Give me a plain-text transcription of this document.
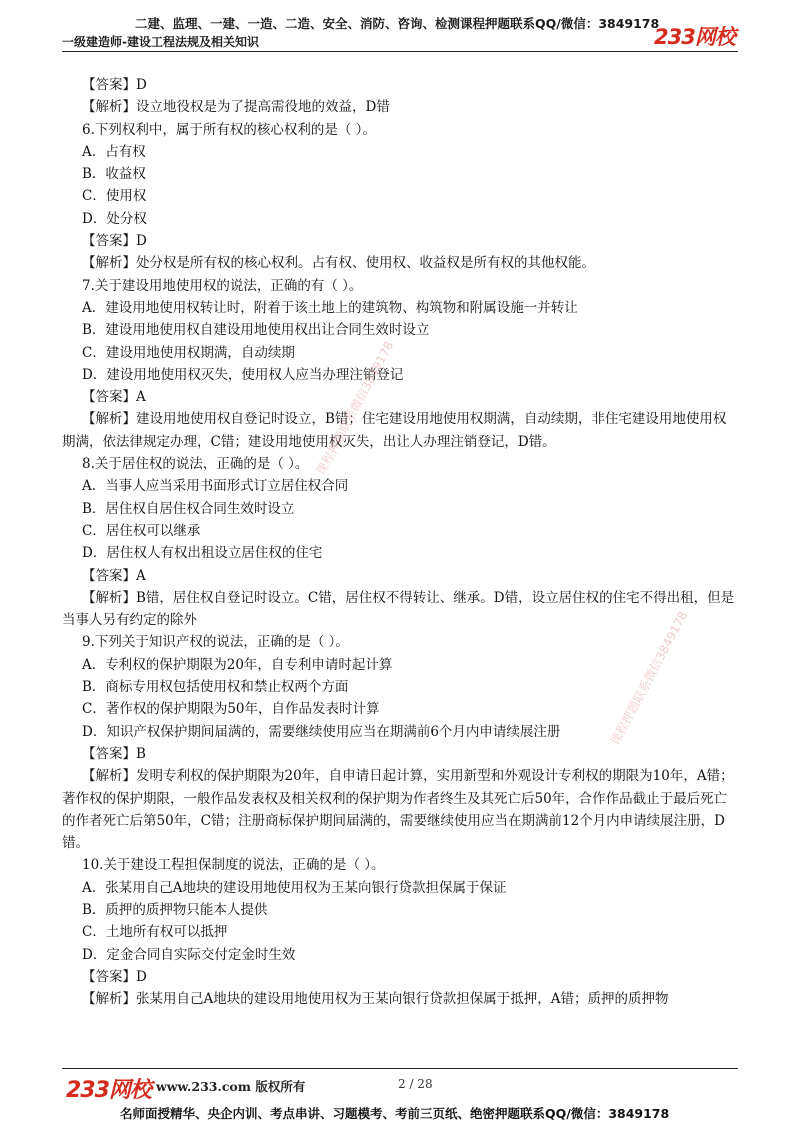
二建、监理、一建、一造、二造、安全、消防、咨询、检测课程押题联系QQ/微信：3849178
一级建造师-建设工程法规及相关知识	233网校

【答案】D

【解析】设立地役权是为了提高需役地的效益，D错

6.下列权利中，属于所有权的核心权利的是（ ）。

A．占有权

B．收益权

C．使用权

D．处分权

【答案】D

【解析】处分权是所有权的核心权利。占有权、使用权、收益权是所有权的其他权能。

7.关于建设用地使用权的说法，正确的有（ ）。

A．建设用地使用权转让时，附着于该土地上的建筑物、构筑物和附属设施一并转让

B．建设用地使用权自建设用地使用权出让合同生效时设立

C．建设用地使用权期满，自动续期

D．建设用地使用权灭失，使用权人应当办理注销登记

【答案】A

【解析】建设用地使用权自登记时设立，B错；住宅建设用地使用权期满，自动续期，非住宅建设用地使用权期满，依法律规定办理，C错；建设用地使用权灭失，出让人办理注销登记，D错。

8.关于居住权的说法，正确的是（ ）。

A．当事人应当采用书面形式订立居住权合同

B．居住权自居住权合同生效时设立

C．居住权可以继承

D．居住权人有权出租设立居住权的住宅

【答案】A

【解析】B错，居住权自登记时设立。C错，居住权不得转让、继承。D错，设立居住权的住宅不得出租，但是当事人另有约定的除外

9.下列关于知识产权的说法，正确的是（ ）。

A．专利权的保护期限为20年，自专利申请时起计算

B．商标专用权包括使用权和禁止权两个方面

C．著作权的保护期限为50年，自作品发表时计算

D．知识产权保护期间届满的，需要继续使用应当在期满前6个月内申请续展注册

【答案】B

【解析】发明专利权的保护期限为20年，自申请日起计算，实用新型和外观设计专利权的期限为10年，A错；著作权的保护期限，一般作品发表权及相关权利的保护期为作者终生及其死亡后50年，合作作品截止于最后死亡的作者死亡后第50年，C错；注册商标保护期间届满的，需要继续使用应当在期满前12个月内申请续展注册，D错。

10.关于建设工程担保制度的说法，正确的是（ ）。

A．张某用自己A地块的建设用地使用权为王某向银行贷款担保属于保证

B．质押的质押物只能本人提供

C．土地所有权可以抵押

D．定金合同自实际交付定金时生效

【答案】D

【解析】张某用自己A地块的建设用地使用权为王某向银行贷款担保属于抵押，A错；质押的质押物

课程押题联系微信3849178
课程押题联系微信3849178
233网校 www.233.com 版权所有	2 / 28
名师面授精华、央企内训、考点串讲、习题模考、考前三页纸、绝密押题联系QQ/微信：3849178
